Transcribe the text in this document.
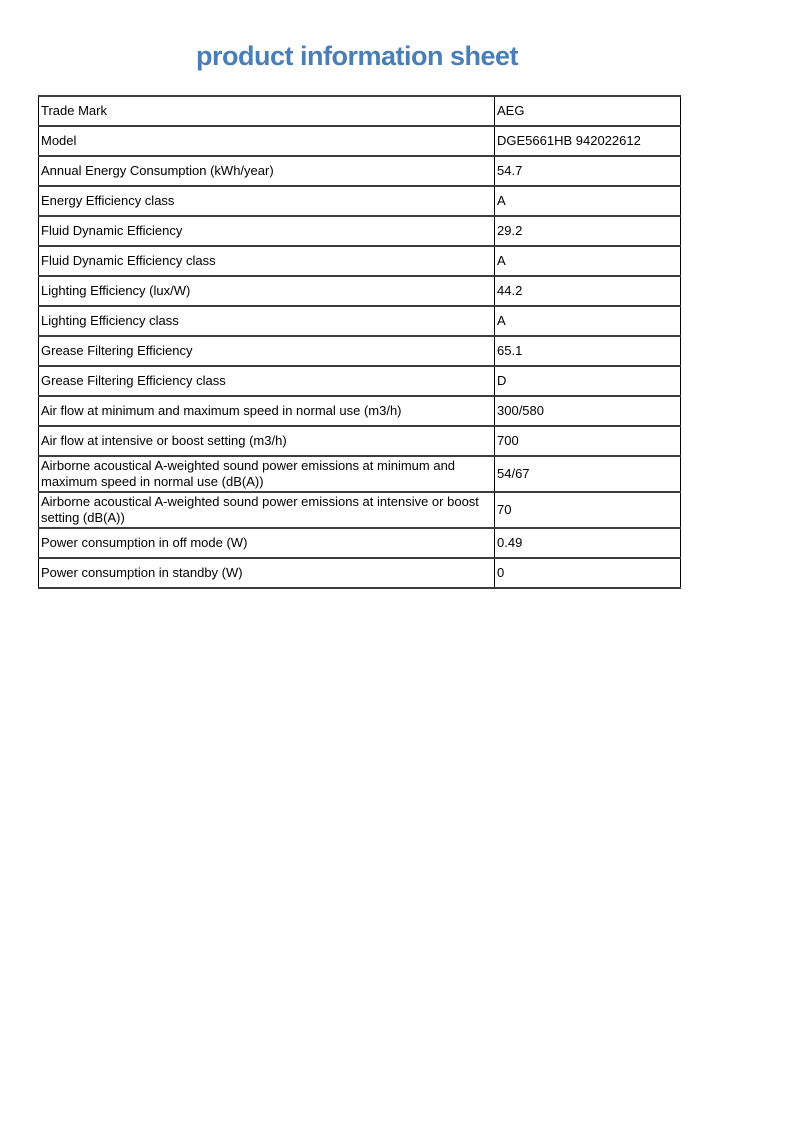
product information sheet
Trade Mark	AEG
Model	DGE5661HB 942022612
Annual Energy Consumption (kWh/year)	54.7
Energy Efficiency class	A
Fluid Dynamic Efficiency	29.2
Fluid Dynamic Efficiency class	A
Lighting Efficiency (lux/W)	44.2
Lighting Efficiency class	A
Grease Filtering Efficiency	65.1
Grease Filtering Efficiency class	D
Air flow at minimum and maximum speed in normal use (m3/h)	300/580
Air flow at intensive or boost setting (m3/h)	700
Airborne acoustical A-weighted sound power emissions at minimum and maximum speed in normal use (dB(A))	54/67
Airborne acoustical A-weighted sound power emissions at intensive or boost setting (dB(A))	70
Power consumption in off mode (W)	0.49
Power consumption in standby (W)	0
